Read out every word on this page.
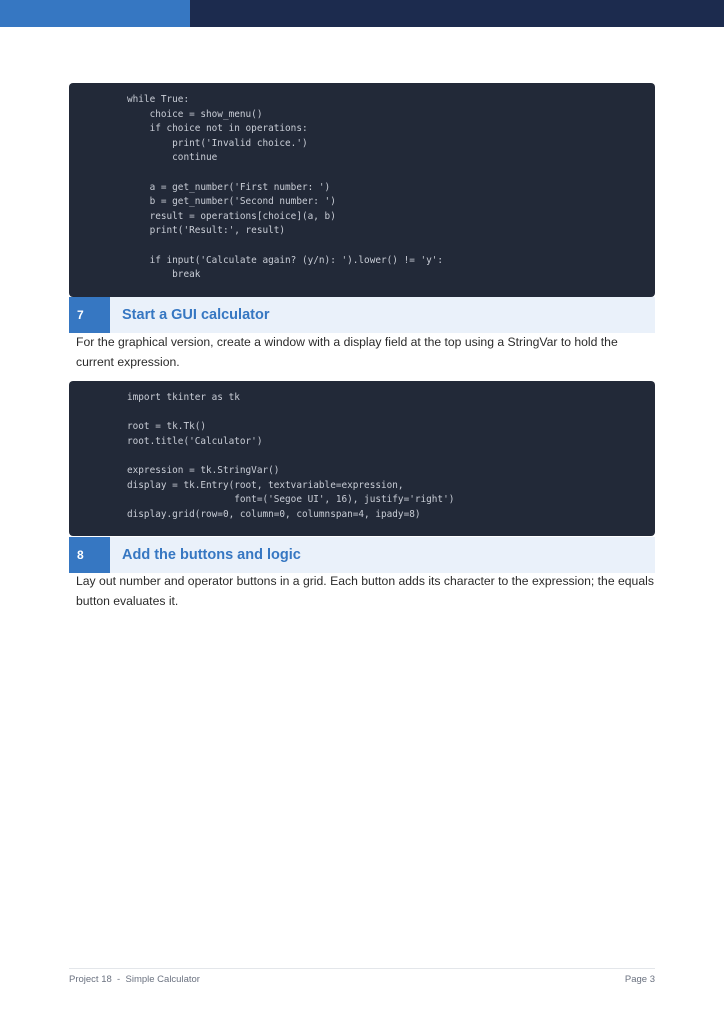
while True:
choice = show_menu()
if choice not in operations:
print('Invalid choice.')
continue
a = get_number('First number: ')
b = get_number('Second number: ')
result = operations[choice](a, b)
print('Result:', result)
if input('Calculate again? (y/n): ').lower() != 'y':
break
7	Start a GUI calculator
For the graphical version, create a window with a display field at the top using a StringVar to hold the current expression.
import tkinter as tk
root = tk.Tk()
root.title('Calculator')
expression = tk.StringVar()
display = tk.Entry(root, textvariable=expression,
font=('Segoe UI', 16), justify='right')
display.grid(row=0, column=0, columnspan=4, ipady=8)
8	Add the buttons and logic
Lay out number and operator buttons in a grid. Each button adds its character to the expression; the equals button evaluates it.
Project 18  -  Simple Calculator	Page 3
